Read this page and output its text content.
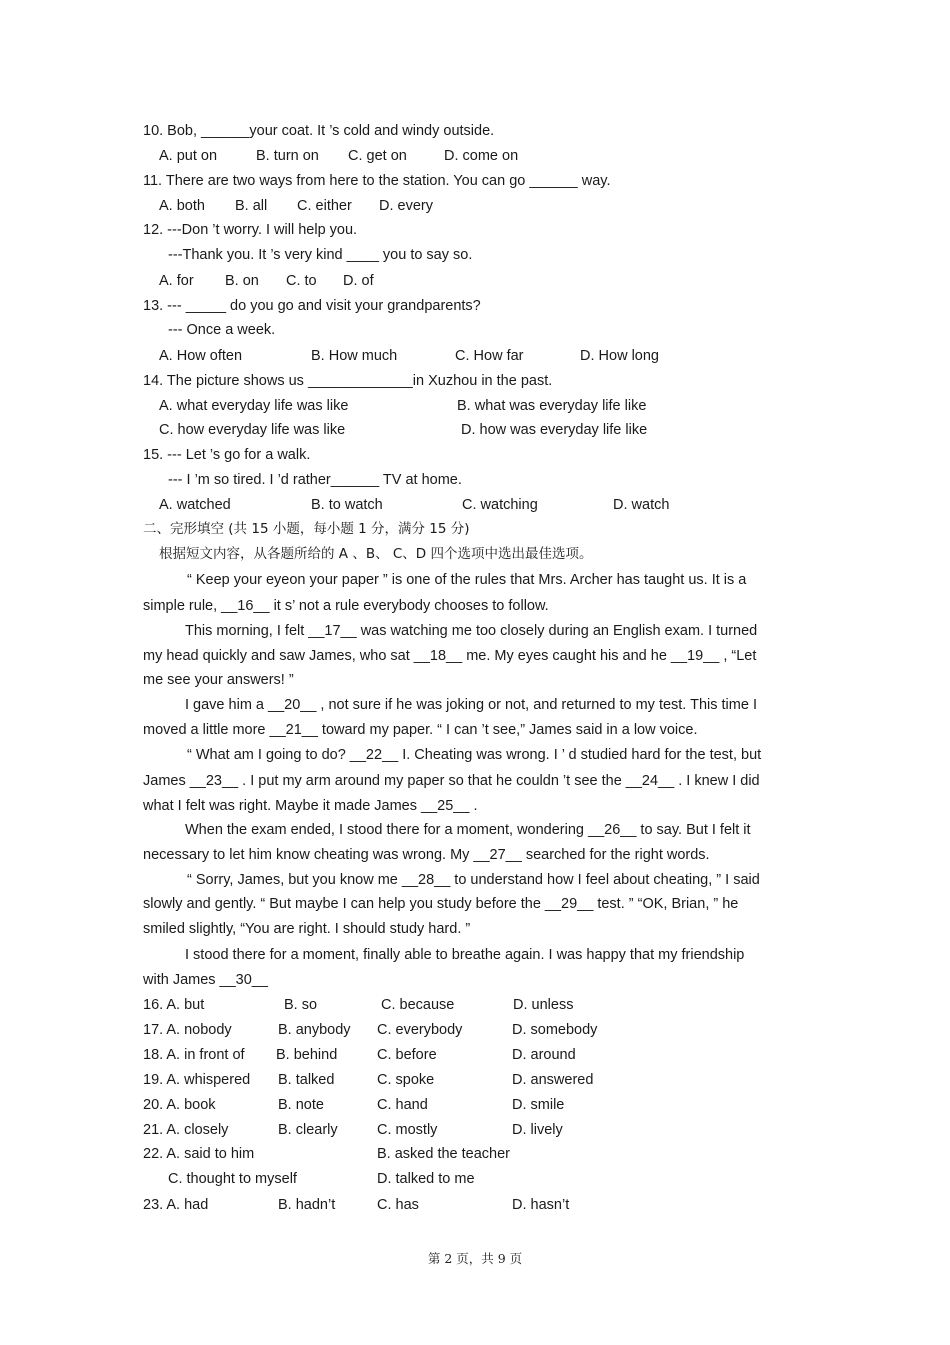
10. Bob, ______your coat. It ’s cold and windy outside.
A. put on	B. turn on C. get on	D. come on
11. There are two ways from here to the station. You can go ______ way.
A. both B. all C. either D. every
12. ---Don ’t worry. I will help you.
---Thank you. It ’s very kind ____ you to say so.
A. for B. on C. to D. of
13. --- _____ do you go and visit your grandparents?
--- Once a week.
A. How often	B. How much	C. How far	D. How long
14. The picture shows us _____________in Xuzhou in the past.
A. what everyday life was like	B. what was everyday life like
C. how everyday life was like	D. how was everyday life like
15. --- Let ’s go for a walk.
--- I ’m so tired. I ’d rather______ TV at home.
A. watched	B. to watch	C. watching	D. watch
二、完形填空 (共 15 小题，每小题 1 分，满分 15 分)
根据短文内容，从各题所给的 A 、B、 C、D 四个选项中选出最佳选项。
“ Keep your eyeon your paper ” is one of the rules that Mrs. Archer has taught us. It is a
simple rule, __16__ it s’ not a rule everybody chooses to follow.
This morning, I felt __17__ was watching me too closely during an English exam. I turned
my head quickly and saw James, who sat __18__ me. My eyes caught his and he __19__ , “Let
me see your answers! ”
I gave him a __20__ , not sure if he was joking or not, and returned to my test. This time I
moved a little more __21__ toward my paper. “ I can ’t see,” James said in a low voice.
“ What am I going to do? __22__ I. Cheating was wrong. I ’ d studied hard for the test, but
James __23__ . I put my arm around my paper so that he couldn ’t see the __24__ . I knew I did
what I felt was right. Maybe it made James __25__ .
When the exam ended, I stood there for a moment, wondering __26__ to say. But I felt it
necessary to let him know cheating was wrong. My __27__ searched for the right words.
“ Sorry, James, but you know me __28__ to understand how I feel about cheating, ” I said
slowly and gently. “ But maybe I can help you study before the __29__ test. ” “OK, Brian, ” he
smiled slightly, “You are right. I should study hard. ”
I stood there for a moment, finally able to breathe again. I was happy that my friendship
with James __30__
16. A. but	B. so	C. because	D. unless
17. A. nobody	B. anybody C. everybody	D. somebody
18. A. in front of B. behind	C. before	D. around
19. A. whispered B. talked	C. spoke	D. answered
20. A. book	B. note	C. hand	D. smile
21. A. closely	B. clearly	C. mostly	D. lively
22. A. said to him	B. asked the teacher
C. thought to myself	D. talked to me
23. A. had	B. hadn’t	C. has	D. hasn’t
第 2 页，共 9 页
